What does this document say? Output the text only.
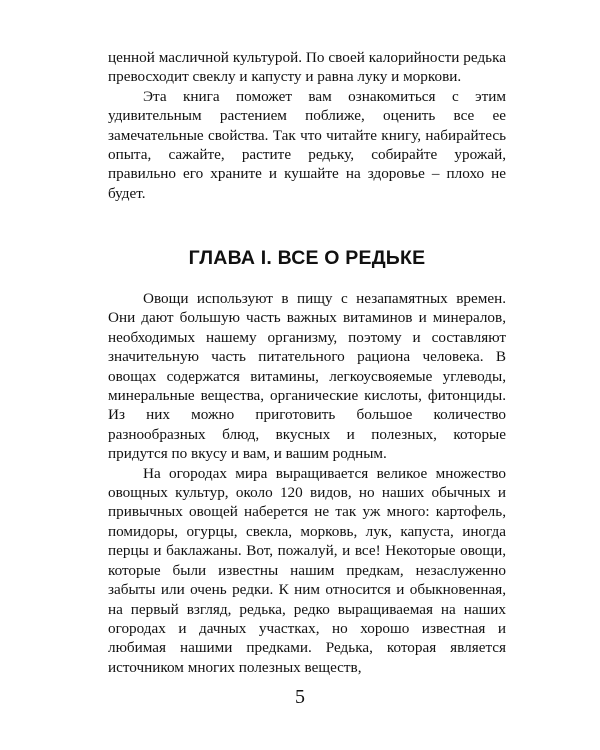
ценной масличной культурой. По своей калорийности редька превосходит свеклу и капусту и равна луку и моркови.

Эта книга поможет вам ознакомиться с этим удивительным растением поближе, оценить все ее замечательные свойства. Так что читайте книгу, набирайтесь опыта, сажайте, растите редьку, собирайте урожай, правильно его храните и кушайте на здоровье – плохо не будет.

ГЛАВА I. ВСЕ О РЕДЬКЕ

Овощи используют в пищу с незапамятных времен. Они дают большую часть важных витаминов и минералов, необходимых нашему организму, поэтому и составляют значительную часть питательного рациона человека. В овощах содержатся витамины, легкоусвояемые углеводы, минеральные вещества, органические кислоты, фитонциды. Из них можно приготовить большое количество разнообразных блюд, вкусных и полезных, которые придутся по вкусу и вам, и вашим родным.

На огородах мира выращивается великое множество овощных культур, около 120 видов, но наших обычных и привычных овощей наберется не так уж много: картофель, помидоры, огурцы, свекла, морковь, лук, капуста, иногда перцы и баклажаны. Вот, пожалуй, и все! Некоторые овощи, которые были известны нашим предкам, незаслуженно забыты или очень редки. К ним относится и обыкновенная, на первый взгляд, редька, редко выращиваемая на наших огородах и дачных участках, но хорошо известная и любимая нашими предками. Редька, которая является источником многих полезных веществ,

5
